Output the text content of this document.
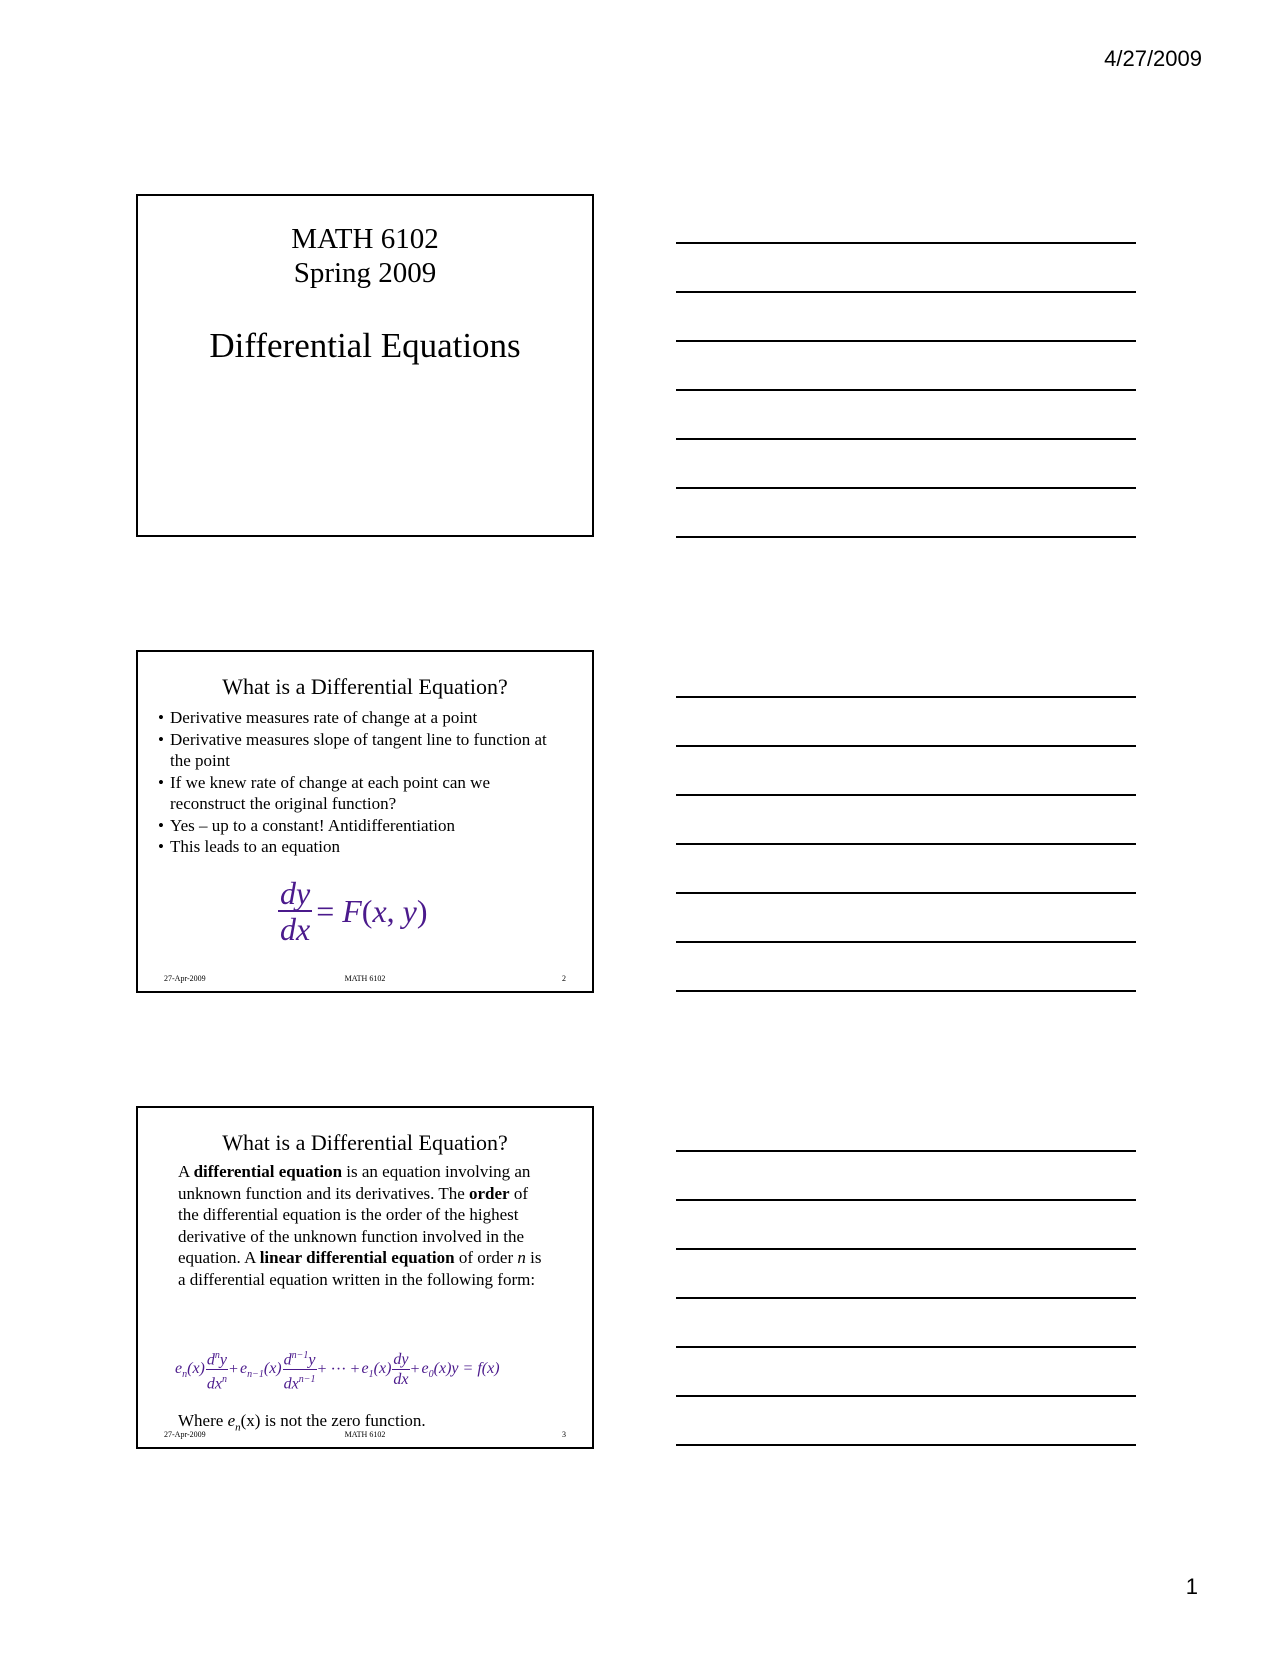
4/27/2009
MATH 6102
Spring 2009
Differential Equations
What is a Differential Equation?
• Derivative measures rate of change at a point
• Derivative measures slope of tangent line to function at the point
• If we knew rate of change at each point can we reconstruct the original function?
• Yes – up to a constant! Antidifferentiation
• This leads to an equation
$\frac{dy}{dx} = F(x$, y)
27-Apr-2009	MATH 6102	2
What is a Differential Equation?
A differential equation is an equation involving an unknown function and its derivatives. The order of the differential equation is the order of the highest derivative of the unknown function involved in the equation. A linear differential equation of order n is a differential equation written in the following form:
$e_n(x) \frac{d^ny}{dx^n} + e_{n-1}(x) \frac{d^{n-1}y}{dx^{n-1}}$ + ··· + $e_1(x) \frac{dy}{dx} + e_0(x)y = f(x)$
Where $e_n(x)$ is not the zero function.
27-Apr-2009	MATH 6102	3
1
